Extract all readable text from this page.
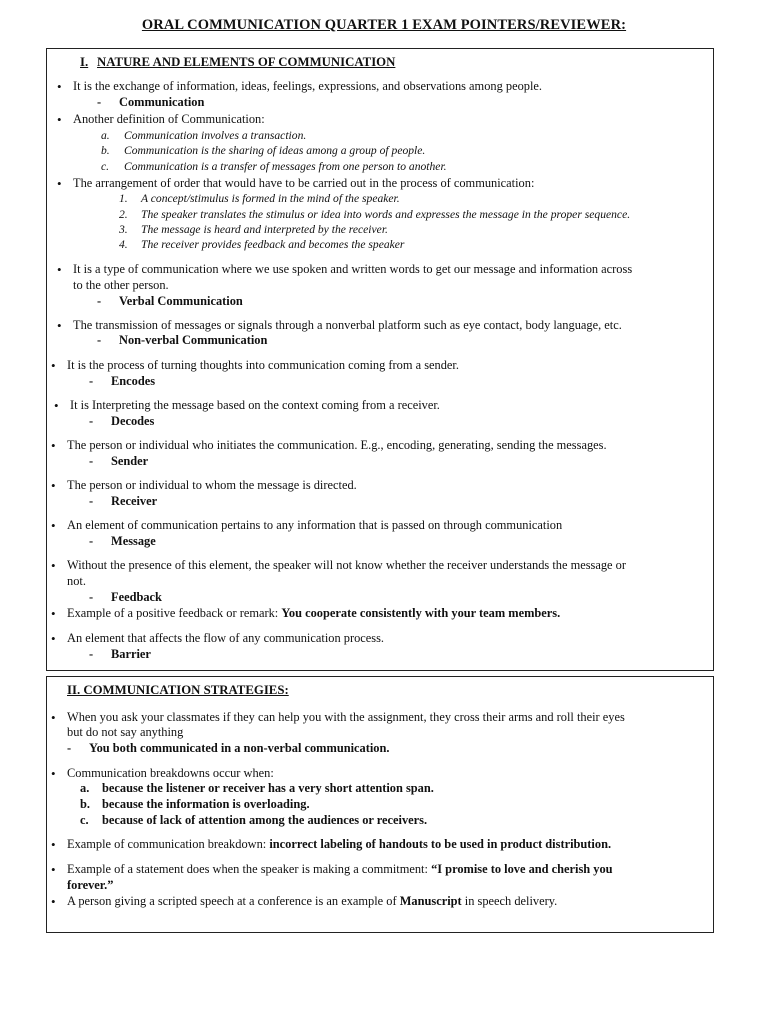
ORAL COMMUNICATION QUARTER 1 EXAM POINTERS/REVIEWER:
I. NATURE AND ELEMENTS OF COMMUNICATION
• It is the exchange of information, ideas, feelings, expressions, and observations among people.
- Communication
• Another definition of Communication:
a. Communication involves a transaction.
b. Communication is the sharing of ideas among a group of people.
c. Communication is a transfer of messages from one person to another.
• The arrangement of order that would have to be carried out in the process of communication:
1. A concept/stimulus is formed in the mind of the speaker.
2. The speaker translates the stimulus or idea into words and expresses the message in the proper sequence.
3. The message is heard and interpreted by the receiver.
4. The receiver provides feedback and becomes the speaker
• It is a type of communication where we use spoken and written words to get our message and information across
to the other person.
- Verbal Communication
• The transmission of messages or signals through a nonverbal platform such as eye contact, body language, etc.
- Non-verbal Communication
• It is the process of turning thoughts into communication coming from a sender.
- Encodes
• It is Interpreting the message based on the context coming from a receiver.
- Decodes
• The person or individual who initiates the communication. E.g., encoding, generating, sending the messages.
- Sender
• The person or individual to whom the message is directed.
- Receiver
• An element of communication pertains to any information that is passed on through communication
- Message
• Without the presence of this element, the speaker will not know whether the receiver understands the message or
not.
- Feedback
• Example of a positive feedback or remark: You cooperate consistently with your team members.
• An element that affects the flow of any communication process.
- Barrier
II. COMMUNICATION STRATEGIES:
• When you ask your classmates if they can help you with the assignment, they cross their arms and roll their eyes
but do not say anything
- You both communicated in a non-verbal communication.
• Communication breakdowns occur when:
a. because the listener or receiver has a very short attention span.
b. because the information is overloading.
c. because of lack of attention among the audiences or receivers.
• Example of communication breakdown: incorrect labeling of handouts to be used in product distribution.
• Example of a statement does when the speaker is making a commitment: “I promise to love and cherish you
forever.”
• A person giving a scripted speech at a conference is an example of Manuscript in speech delivery.
